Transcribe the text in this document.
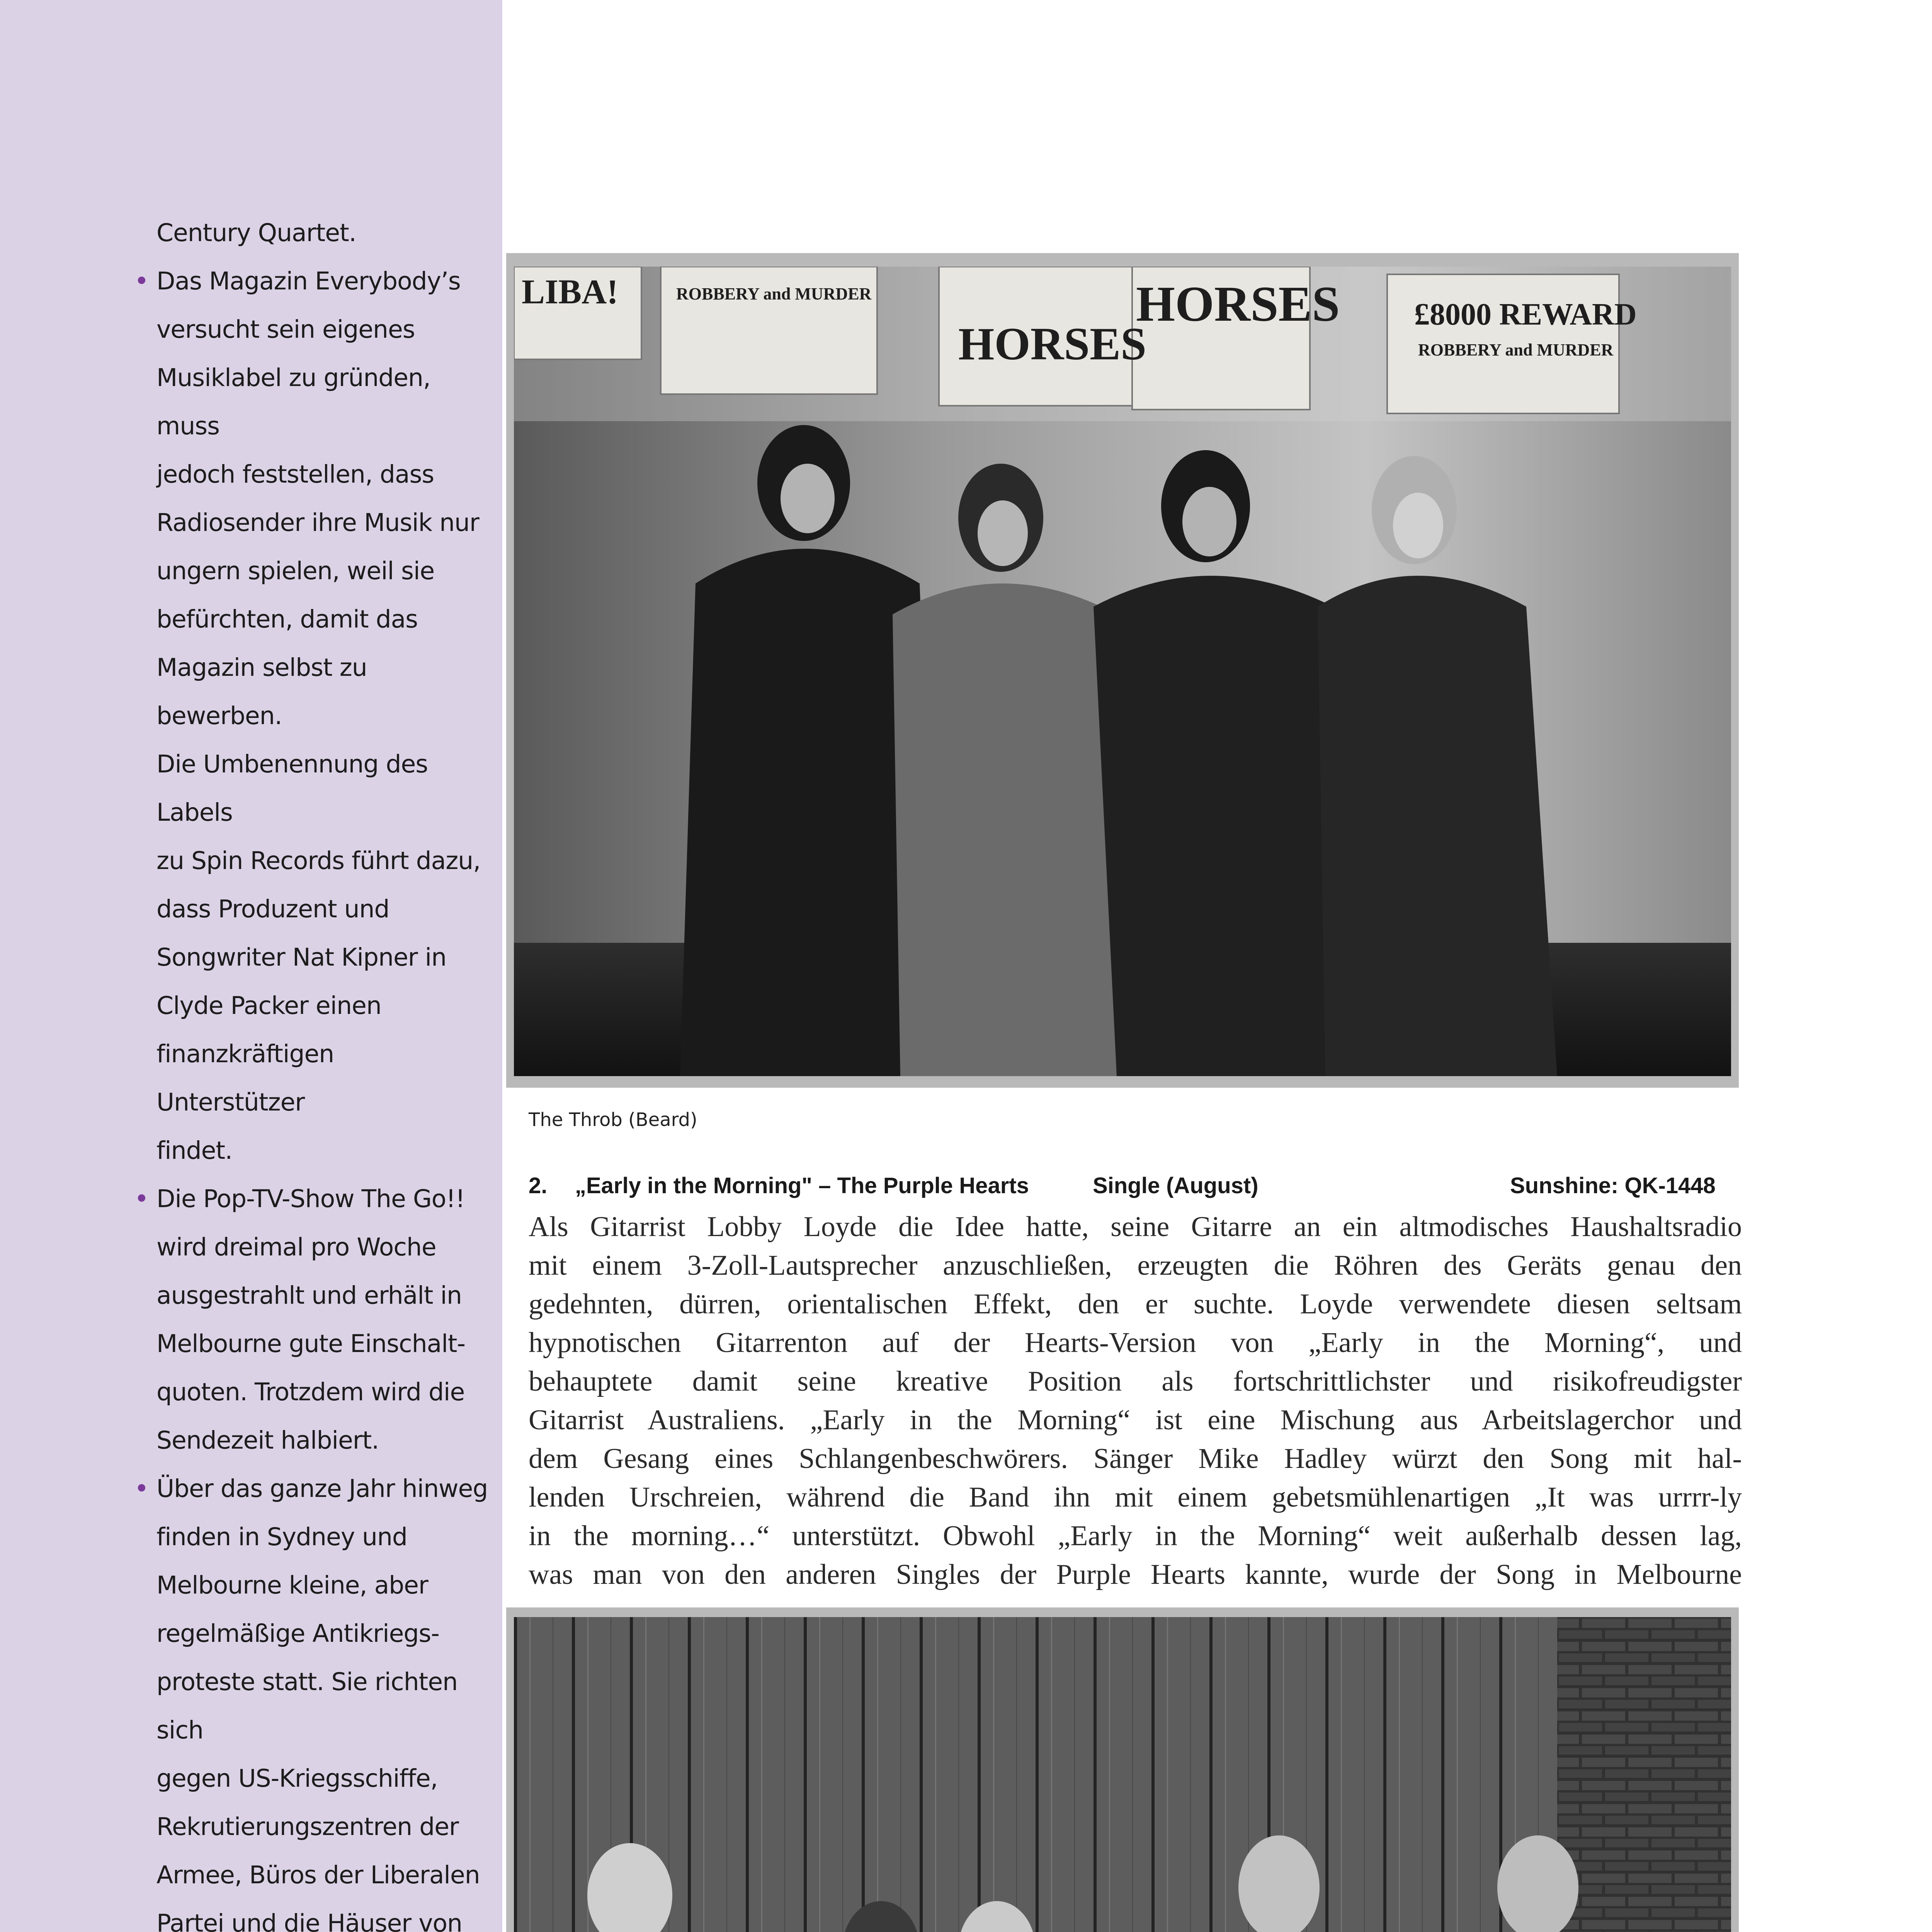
Century Quartet.

• Das Magazin Everybody’s

versucht sein eigenes

Musiklabel zu gründen, muss

jedoch feststellen, dass

Radiosender ihre Musik nur

ungern spielen, weil sie

befürchten, damit das

Magazin selbst zu bewerben.

Die Umbenennung des Labels

zu Spin Records führt dazu,

dass Produzent und

Songwriter Nat Kipner in

Clyde Packer einen

finanzkräftigen Unterstützer

findet.

• Die Pop-TV-Show The Go!!

wird dreimal pro Woche

ausgestrahlt und erhält in

Melbourne gute Einschalt-

quoten. Trotzdem wird die

Sendezeit halbiert.

• Über das ganze Jahr hinweg

finden in Sydney und

Melbourne kleine, aber

regelmäßige Antikriegs-

proteste statt. Sie richten sich

gegen US-Kriegsschiffe,

Rekrutierungszentren der

Armee, Büros der Liberalen

Partei und die Häuser von

LIBA!	ROBBERY and MURDER
HORSES
HORSES £8000 REWARD
ROBBERY and MURDER
The Throb (Beard)
2. „Early in the Morning" – The Purple Hearts	Single (August)	Sunshine: QK-1448
Als Gitarrist Lobby Loyde die Idee hatte, seine Gitarre an ein altmodisches Haushaltsradio
mit einem 3-Zoll-Lautsprecher anzuschließen, erzeugten die Röhren des Geräts genau den
gedehnten, dürren, orientalischen Effekt, den er suchte. Loyde verwendete diesen seltsam
hypnotischen Gitarrenton auf der Hearts-Version von „Early in the Morning“, und
behauptete damit seine kreative Position als fortschrittlichster und risikofreudigster
Gitarrist Australiens. „Early in the Morning“ ist eine Mischung aus Arbeitslagerchor und
dem Gesang eines Schlangenbeschwörers. Sänger Mike Hadley würzt den Song mit hal-
lenden Urschreien, während die Band ihn mit einem gebetsmühlenartigen „It was urrrr-ly
in the morning…“ unterstützt. Obwohl „Early in the Morning“ weit außerhalb dessen lag,
was man von den anderen Singles der Purple Hearts kannte, wurde der Song in Melbourne
